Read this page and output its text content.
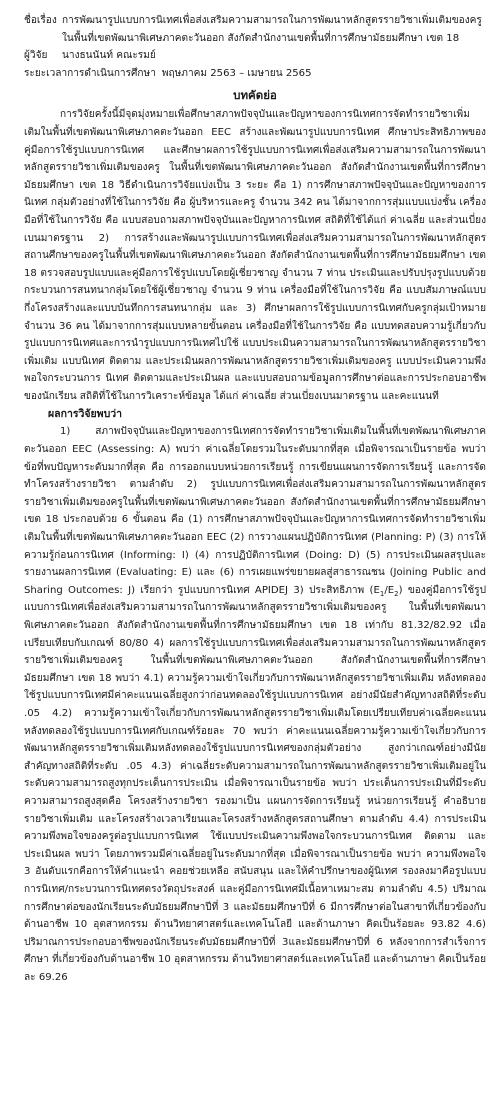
ชื่อเรื่อง การพัฒนารูปแบบการนิเทศเพื่อส่งเสริมความสามารถในการพัฒนาหลักสูตรรายวิชาเพิ่มเติมของครู
ในพื้นที่เขตพัฒนาพิเศษภาคตะวันออก สังกัดสำนักงานเขตพื้นที่การศึกษามัธยมศึกษา เขต 18
ผู้วิจัย	นางธนนันท์ คณะรมย์
ระยะเวลาการดำเนินการศึกษา พฤษภาคม 2563 – เมษายน 2565
บทคัดย่อ

การวิจัยครั้งนี้มีจุดมุ่งหมายเพื่อศึกษาสภาพปัจจุบันและปัญหาของการนิเทศการจัดทำรายวิชาเพิ่มเติมในพื้นที่เขตพัฒนาพิเศษภาคตะวันออก EEC สร้างและพัฒนารูปแบบการนิเทศ ศึกษาประสิทธิภาพของคู่มือการใช้รูปแบบการนิเทศ และศึกษาผลการใช้รูปแบบการนิเทศเพื่อส่งเสริมความสามารถในการพัฒนาหลักสูตรรายวิชาเพิ่มเติมของครู ในพื้นที่เขตพัฒนาพิเศษภาคตะวันออก สังกัดสำนักงานเขตพื้นที่การศึกษามัธยมศึกษา เขต 18 วิธีดำเนินการวิจัยแบ่งเป็น 3 ระยะ คือ 1) การศึกษาสภาพปัจจุบันและปัญหาของการนิเทศ กลุ่มตัวอย่างที่ใช้ในการวิจัย คือ ผู้บริหารและครู จำนวน 342 คน ได้มาจากการสุ่มแบบแบ่งชั้น เครื่องมือที่ใช้ในการวิจัย คือ แบบสอบถามสภาพปัจจุบันและปัญหาการนิเทศ สถิติที่ใช้ได้แก่ ค่าเฉลี่ย และส่วนเบี่ยงเบนมาตรฐาน 2) การสร้างและพัฒนารูปแบบการนิเทศเพื่อส่งเสริมความสามารถในการพัฒนาหลักสูตรสถานศึกษาของครูในพื้นที่เขตพัฒนาพิเศษภาคตะวันออก สังกัดสำนักงานเขตพื้นที่การศึกษามัธยมศึกษา เขต 18 ตรวจสอบรูปแบบและคู่มือการใช้รูปแบบโดยผู้เชี่ยวชาญ จำนวน 7 ท่าน ประเมินและปรับปรุงรูปแบบด้วยกระบวนการสนทนากลุ่มโดยใช้ผู้เชี่ยวชาญ จำนวน 9 ท่าน เครื่องมือที่ใช้ในการวิจัย คือ แบบสัมภาษณ์แบบกึ่งโครงสร้างและแบบบันทึกการสนทนากลุ่ม และ 3) ศึกษาผลการใช้รูปแบบการนิเทศกับครูกลุ่มเป้าหมาย จำนวน 36 คน ได้มาจากการสุ่มแบบหลายขั้นตอน เครื่องมือที่ใช้ในการวิจัย คือ แบบทดสอบความรู้เกี่ยวกับรูปแบบการนิเทศและการนำรูปแบบการนิเทศไปใช้ แบบประเมินความสามารถในการพัฒนาหลักสูตรรายวิชาเพิ่มเติม แบบนิเทศ ติดตาม และประเมินผลการพัฒนาหลักสูตรรายวิชาเพิ่มเติมของครู แบบประเมินความพึงพอใจกระบวนการ นิเทศ ติดตามและประเมินผล และแบบสอบถามข้อมูลการศึกษาต่อและการประกอบอาชีพของนักเรียน สถิติที่ใช้ในการวิเคราะห์ข้อมูล ได้แก่ ค่าเฉลี่ย ส่วนเบี่ยงเบนมาตรฐาน และคะแนนที

ผลการวิจัยพบว่า

1) สภาพปัจจุบันและปัญหาของการนิเทศการจัดทำรายวิชาเพิ่มเติมในพื้นที่เขตพัฒนาพิเศษภาคตะวันออก EEC (Assessing: A) พบว่า ค่าเฉลี่ยโดยรวมในระดับมากที่สุด เมื่อพิจารณาเป็นรายข้อ พบว่า ข้อที่พบปัญหาระดับมากที่สุด คือ การออกแบบหน่วยการเรียนรู้ การเขียนแผนการจัดการเรียนรู้ และการจัดทำโครงสร้างรายวิชา ตามลำดับ 2) รูปแบบการนิเทศเพื่อส่งเสริมความสามารถในการพัฒนาหลักสูตรรายวิชาเพิ่มเติมของครูในพื้นที่เขตพัฒนาพิเศษภาคตะวันออก สังกัดสำนักงานเขตพื้นที่การศึกษามัธยมศึกษา เขต 18 ประกอบด้วย 6 ขั้นตอน คือ (1) การศึกษาสภาพปัจจุบันและปัญหาการนิเทศการจัดทำรายวิชาเพิ่มเติมในพื้นที่เขตพัฒนาพิเศษภาคตะวันออก EEC (2) การวางแผนปฏิบัติการนิเทศ (Planning: P) (3) การให้ความรู้ก่อนการนิเทศ (Informing: I) (4) การปฏิบัติการนิเทศ (Doing: D) (5) การประเมินผลสรุปและรายงานผลการนิเทศ (Evaluating: E) และ (6) การเผยแพร่ขยายผลสู่สาธารณชน (Joining Public and Sharing Outcomes: J) เรียกว่า รูปแบบการนิเทศ APIDEJ 3) ประสิทธิภาพ $(E_1/E_2)$ ของคู่มือการใช้รูปแบบการนิเทศเพื่อส่งเสริมความสามารถในการพัฒนาหลักสูตรรายวิชาเพิ่มเติมของครู ในพื้นที่เขตพัฒนาพิเศษภาคตะวันออก สังกัดสำนักงานเขตพื้นที่การศึกษามัธยมศึกษา เขต 18 เท่ากับ 81.32/82.92 เมื่อเปรียบเทียบกับเกณฑ์ 80/80 4) ผลการใช้รูปแบบการนิเทศเพื่อส่งเสริมความสามารถในการพัฒนาหลักสูตรรายวิชาเพิ่มเติมของครู ในพื้นที่เขตพัฒนาพิเศษภาคตะวันออก สังกัดสำนักงานเขตพื้นที่การศึกษามัธยมศึกษา เขต 18 พบว่า 4.1) ความรู้ความเข้าใจเกี่ยวกับการพัฒนาหลักสูตรรายวิชาเพิ่มเติม หลังทดลองใช้รูปแบบการนิเทศมีค่าคะแนนเฉลี่ยสูงกว่าก่อนทดลองใช้รูปแบบการนิเทศ อย่างมีนัยสำคัญทางสถิติที่ระดับ .05 4.2) ความรู้ความเข้าใจเกี่ยวกับการพัฒนาหลักสูตรรายวิชาเพิ่มเติมโดยเปรียบเทียบค่าเฉลี่ยคะแนนหลังทดลองใช้รูปแบบการนิเทศกับเกณฑ์ร้อยละ 70 พบว่า ค่าคะแนนเฉลี่ยความรู้ความเข้าใจเกี่ยวกับการพัฒนาหลักสูตรรายวิชาเพิ่มเติมหลังทดลองใช้รูปแบบการนิเทศของกลุ่มตัวอย่าง สูงกว่าเกณฑ์อย่างมีนัยสำคัญทางสถิติที่ระดับ .05 4.3) ค่าเฉลี่ยระดับความสามารถในการพัฒนาหลักสูตรรายวิชาเพิ่มเติมอยู่ในระดับความสามารถสูงทุกประเด็นการประเมิน เมื่อพิจารณาเป็นรายข้อ พบว่า ประเด็นการประเมินที่มีระดับความสามารถสูงสุดคือ โครงสร้างรายวิชา รองมาเป็น แผนการจัดการเรียนรู้ หน่วยการเรียนรู้ คำอธิบายรายวิชาเพิ่มเติม และโครงสร้างเวลาเรียนและโครงสร้างหลักสูตรสถานศึกษา ตามลำดับ 4.4) การประเมินความพึงพอใจของครูต่อรูปแบบการนิเทศ ใช้แบบประเมินความพึงพอใจกระบวนการนิเทศ ติดตาม และประเมินผล พบว่า โดยภาพรวมมีค่าเฉลี่ยอยู่ในระดับมากที่สุด เมื่อพิจารณาเป็นรายข้อ พบว่า ความพึงพอใจ 3 อันดับแรกคือการให้คำแนะนำ คอยช่วยเหลือ สนับสนุน และให้คำปรึกษาของผู้นิเทศ รองลงมาคือรูปแบบการนิเทศ/กระบวนการนิเทศตรงวัตถุประสงค์ และคู่มือการนิเทศมีเนื้อหาเหมาะสม ตามลำดับ 4.5) ปริมาณการศึกษาต่อของนักเรียนระดับมัธยมศึกษาปีที่ 3 และมัธยมศึกษาปีที่ 6 มีการศึกษาต่อในสาขาที่เกี่ยวข้องกับด้านอาชีพ 10 อุตสาหกรรม ด้านวิทยาศาสตร์และเทคโนโลยี และด้านภาษา คิดเป็นร้อยละ 93.82 4.6) ปริมาณการประกอบอาชีพของนักเรียนระดับมัธยมศึกษาปีที่ 3และมัธยมศึกษาปีที่ 6 หลังจากการสำเร็จการศึกษา ที่เกี่ยวข้องกับด้านอาชีพ 10 อุตสาหกรรม ด้านวิทยาศาสตร์และเทคโนโลยี และด้านภาษา คิดเป็นร้อยละ 69.26
